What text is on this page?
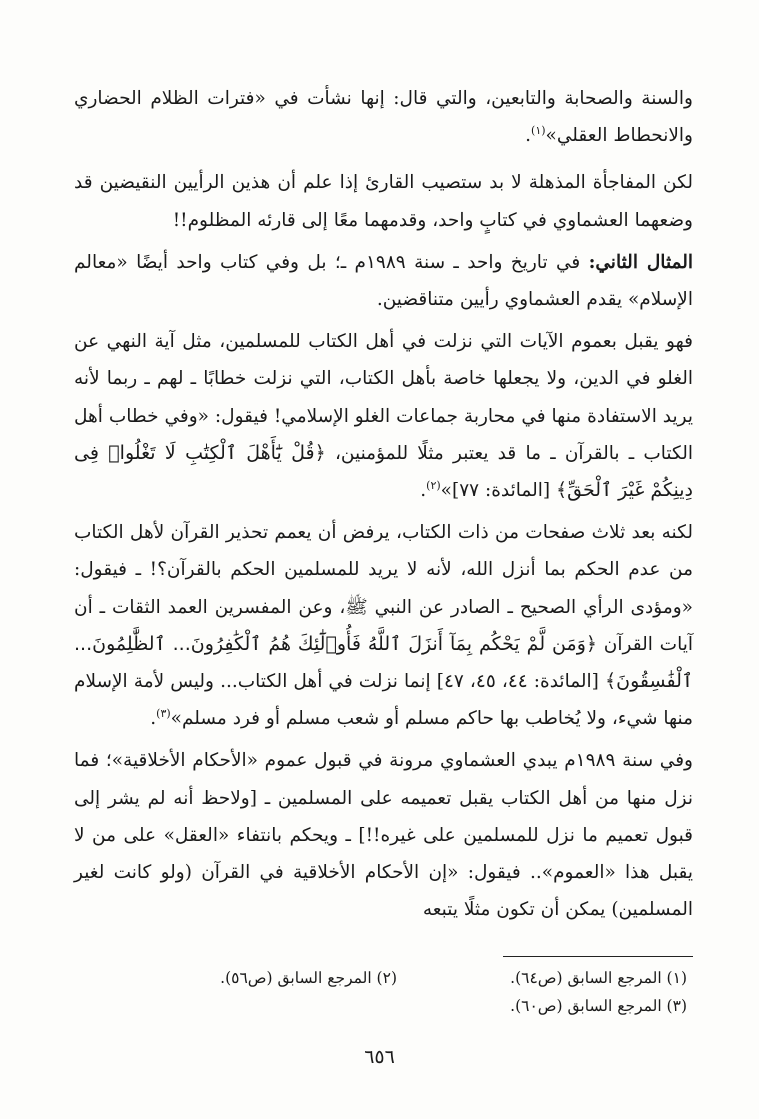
والسنة والصحابة والتابعين، والتي قال: إنها نشأت في «فترات الظلام الحضاري والانحطاط العقلي»$^{(١)}$.

لكن المفاجأة المذهلة لا بد ستصيب القارئ إذا علم أن هذين الرأيين النقيضين قد وضعهما العشماوي في كتابٍ واحد، وقدمهما معًا إلى قارئه المظلوم!!

المثال الثاني: في تاريخ واحد ـ سنة ١٩٨٩م ـ؛ بل وفي كتاب واحد أيضًا «معالم الإسلام» يقدم العشماوي رأيين متناقضين.

فهو يقبل بعموم الآيات التي نزلت في أهل الكتاب للمسلمين، مثل آية النهي عن الغلو في الدين، ولا يجعلها خاصة بأهل الكتاب، التي نزلت خطابًا ـ لهم ـ ربما لأنه يريد الاستفادة منها في محاربة جماعات الغلو الإسلامي! فيقول: «وفي خطاب أهل الكتاب ـ بالقرآن ـ ما قد يعتبر مثلًا للمؤمنين، ﴿قُلْ يَٰٓأَهْلَ ٱلْكِتَٰبِ لَا تَغْلُوا۟ فِى دِينِكُمْ غَيْرَ ٱلْحَقِّ﴾ [المائدة: ٧٧]»$^{(٢)}$.

لكنه بعد ثلاث صفحات من ذات الكتاب، يرفض أن يعمم تحذير القرآن لأهل الكتاب من عدم الحكم بما أنزل الله، لأنه لا يريد للمسلمين الحكم بالقرآن؟! ـ فيقول: «ومؤدى الرأي الصحيح ـ الصادر عن النبي ﷺ، وعن المفسرين العمد الثقات ـ أن آيات القرآن ﴿وَمَن لَّمْ يَحْكُم بِمَآ أَنزَلَ ٱللَّهُ فَأُو۟لَٰٓئِكَ هُمُ ٱلْكَٰفِرُونَ... ٱلظَّٰلِمُونَ... ٱلْفَٰسِقُونَ﴾ [المائدة: ٤٤، ٤٥، ٤٧] إنما نزلت في أهل الكتاب... وليس لأمة الإسلام منها شيء، ولا يُخاطب بها حاكم مسلم أو شعب مسلم أو فرد مسلم»$^{(٣)}$.

وفي سنة ١٩٨٩م يبدي العشماوي مرونة في قبول عموم «الأحكام الأخلاقية»؛ فما نزل منها من أهل الكتاب يقبل تعميمه على المسلمين ـ [ولاحظ أنه لم يشر إلى قبول تعميم ما نزل للمسلمين على غيره!!] ـ ويحكم بانتفاء «العقل» على من لا يقبل هذا «العموم».. فيقول: «إن الأحكام الأخلاقية في القرآن (ولو كانت لغير المسلمين) يمكن أن تكون مثلًا يتبعه

(١) المرجع السابق (ص٦٤).
(٢) المرجع السابق (ص٥٦).
(٣) المرجع السابق (ص٦٠).
٦٥٦
